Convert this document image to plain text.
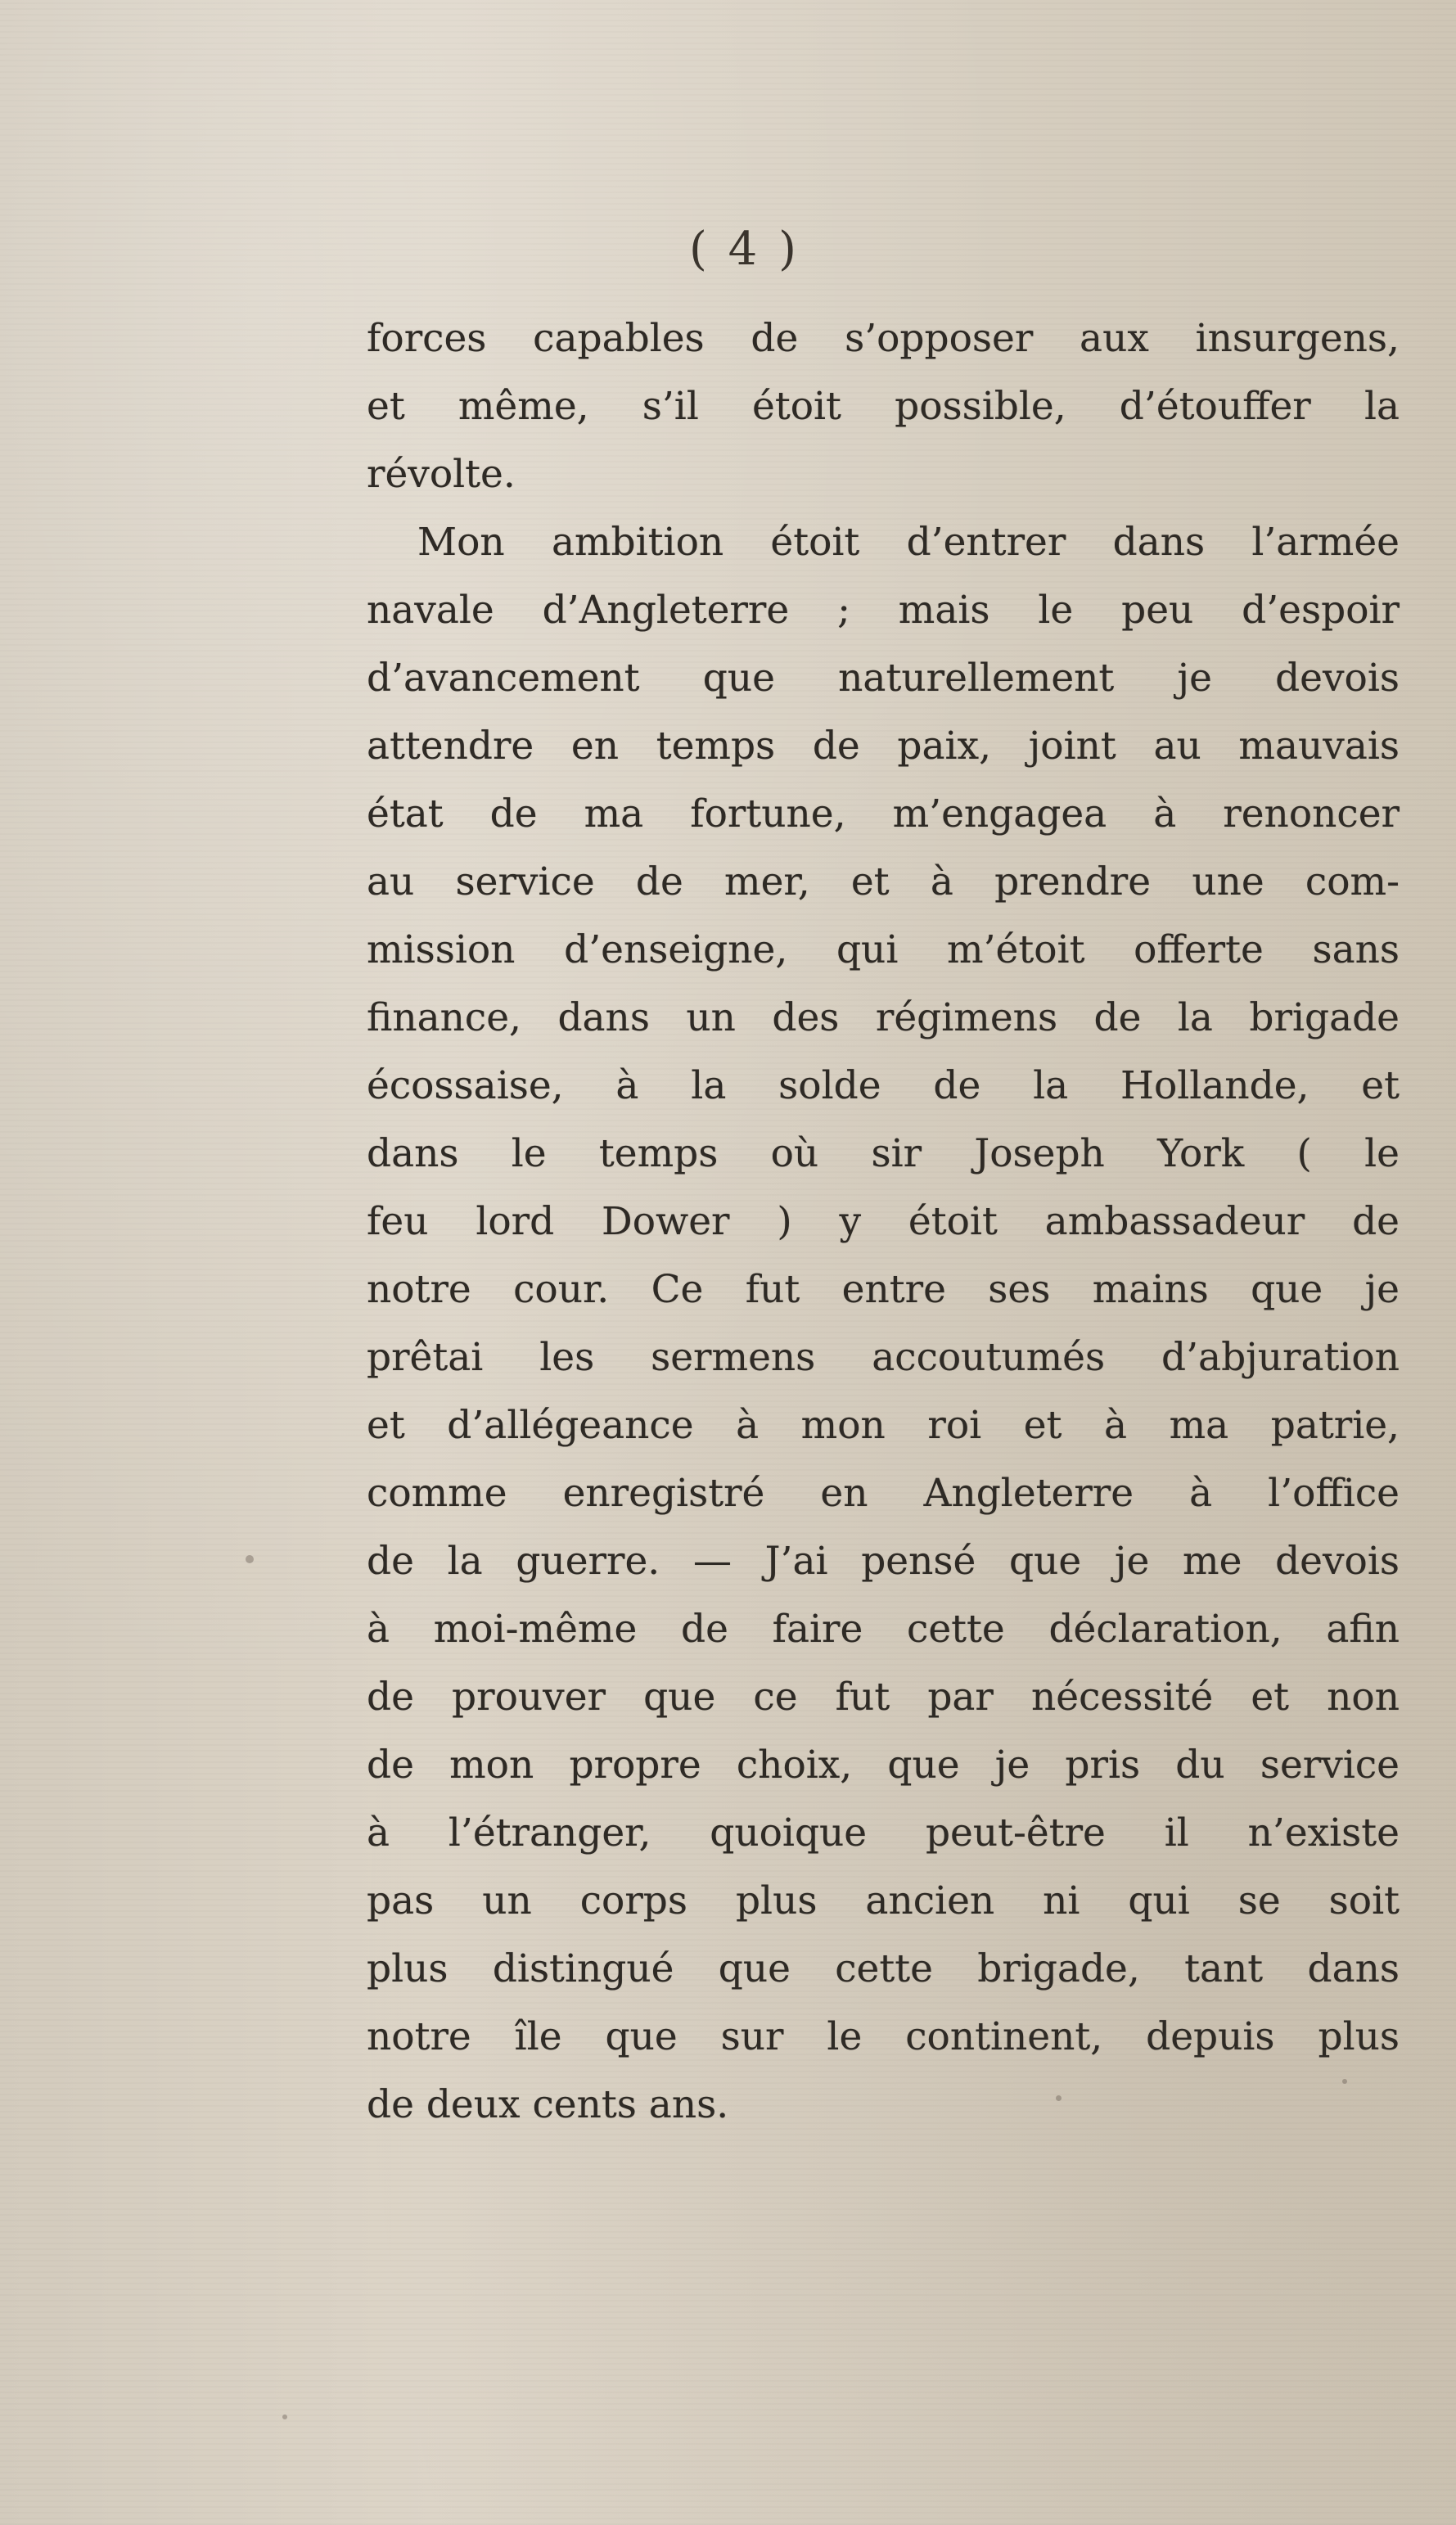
( 4 )
forces capables de s’opposer aux insurgens,
et même, s’il étoit possible, d’étouffer la
révolte.
Mon ambition étoit d’entrer dans l’armée
navale d’Angleterre ; mais le peu d’espoir
d’avancement que naturellement je devois
attendre en temps de paix, joint au mauvais
état de ma fortune, m’engagea à renoncer
au service de mer, et à prendre une com-
mission d’enseigne, qui m’étoit offerte sans
finance, dans un des régimens de la brigade
écossaise, à la solde de la Hollande, et
dans le temps où sir Joseph York ( le
feu lord Dower ) y étoit ambassadeur de
notre cour. Ce fut entre ses mains que je
prêtai les sermens accoutumés d’abjuration
et d’allégeance à mon roi et à ma patrie,
comme enregistré en Angleterre à l’office
de la guerre. — J’ai pensé que je me devois
à moi-même de faire cette déclaration, afin
de prouver que ce fut par nécessité et non
de mon propre choix, que je pris du service
à l’étranger, quoique peut-être il n’existe
pas un corps plus ancien ni qui se soit
plus distingué que cette brigade, tant dans
notre île que sur le continent, depuis plus
de deux cents ans.
